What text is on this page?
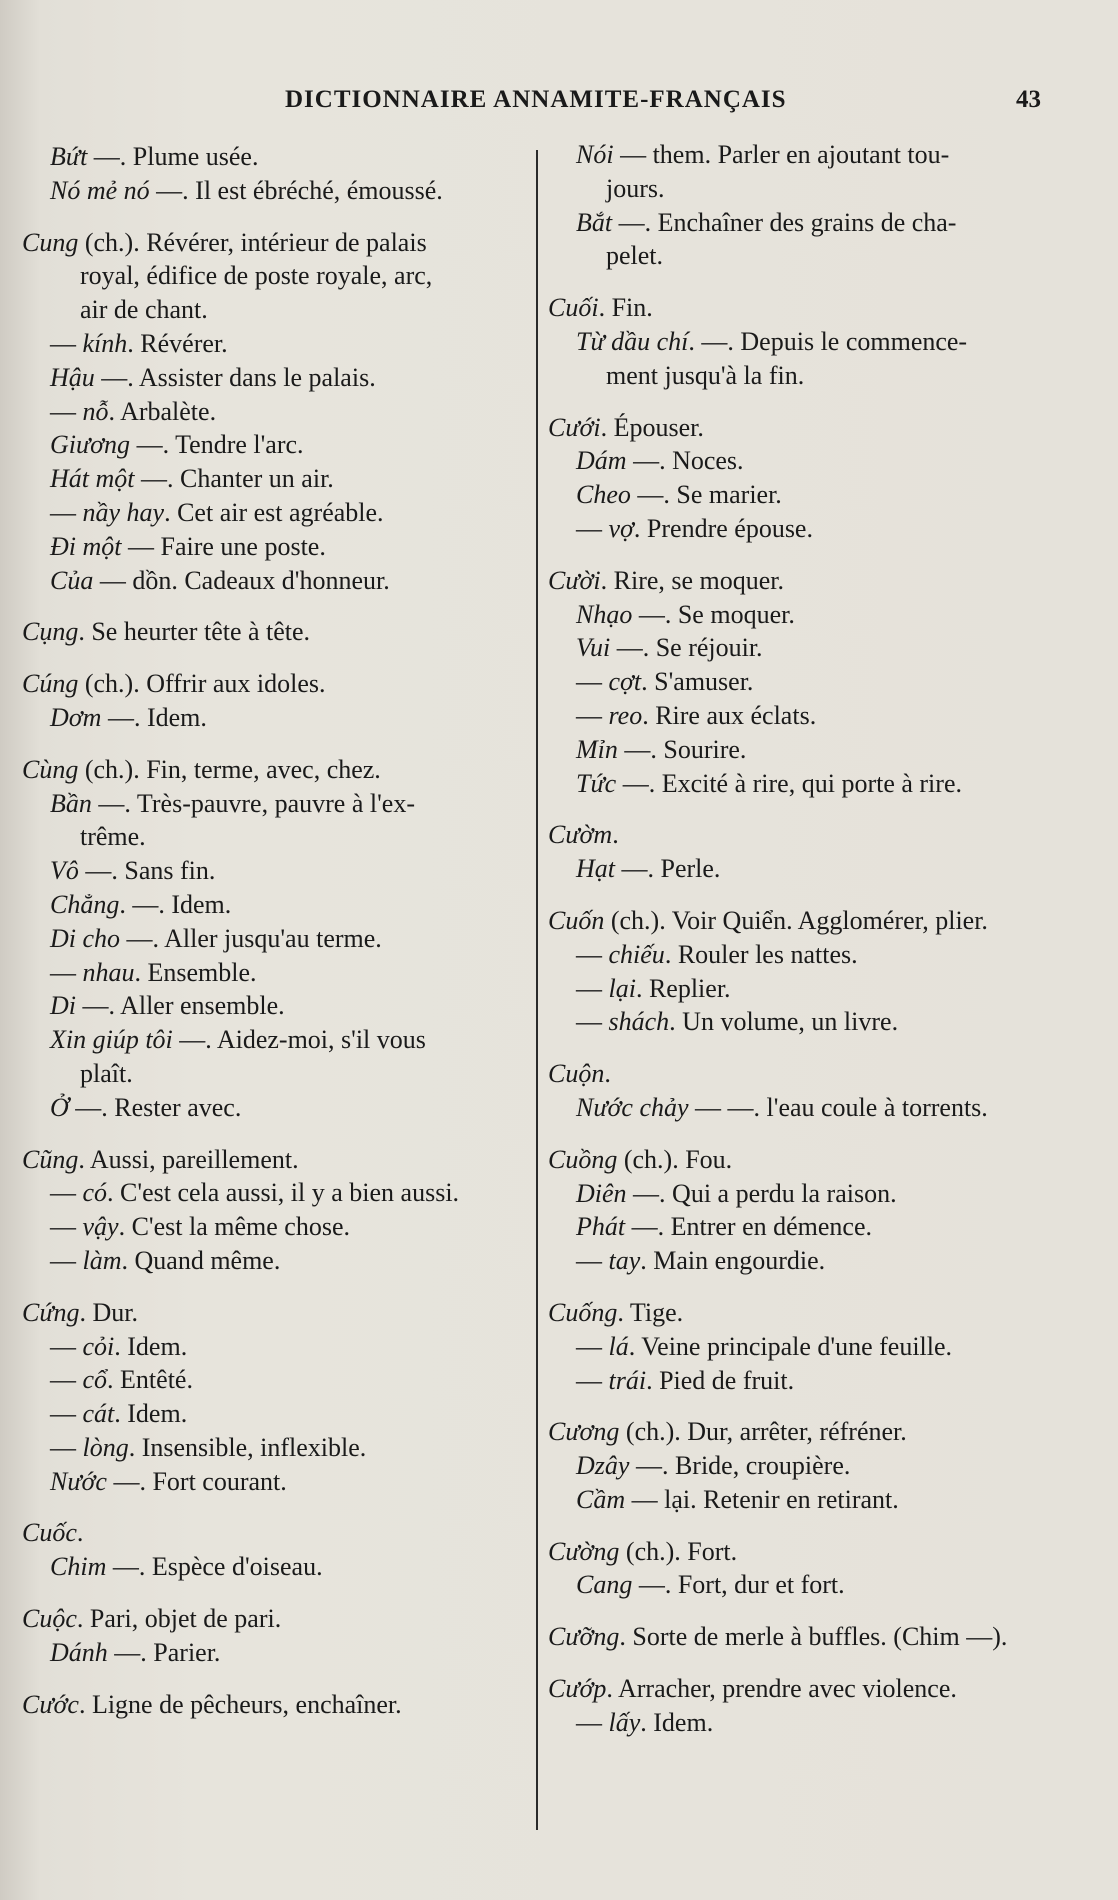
DICTIONNAIRE ANNAMITE-FRANÇAIS	43
Bứt —. Plume usée.
Nó mẻ nó —. Il est ébréché, émoussé.
Cung (ch.). Révérer, intérieur de palais
royal, édifice de poste royale, arc,
air de chant.
— kính. Révérer.
Hậu —. Assister dans le palais.
— nỗ. Arbalète.
Giương —. Tendre l'arc.
Hát một —. Chanter un air.
— nầy hay. Cet air est agréable.
Đi một — Faire une poste.
Của — dồn. Cadeaux d'honneur.
Cụng. Se heurter tête à tête.
Cúng (ch.). Offrir aux idoles.
Dơm —. Idem.
Cùng (ch.). Fin, terme, avec, chez.
Bần —. Très-pauvre, pauvre à l'ex-
trême.
Vô —. Sans fin.
Chẳng. —. Idem.
Di cho —. Aller jusqu'au terme.
— nhau. Ensemble.
Di —. Aller ensemble.
Xin giúp tôi —. Aidez-moi, s'il vous
plaît.
Ở —. Rester avec.
Cũng. Aussi, pareillement.
— có. C'est cela aussi, il y a bien aussi.
— vậy. C'est la même chose.
— làm. Quand même.
Cứng. Dur.
— cỏi. Idem.
— cổ. Entêté.
— cát. Idem.
— lòng. Insensible, inflexible.
Nước —. Fort courant.
Cuốc.
Chim —. Espèce d'oiseau.
Cuộc. Pari, objet de pari.
Dánh —. Parier.
Cước. Ligne de pêcheurs, enchaîner.
Nói — them. Parler en ajoutant tou-
jours.
Bắt —. Enchaîner des grains de cha-
pelet.
Cuối. Fin.
Từ dầu chí. —. Depuis le commence-
ment jusqu'à la fin.
Cưới. Épouser.
Dám —. Noces.
Cheo —. Se marier.
— vợ. Prendre épouse.
Cười. Rire, se moquer.
Nhạo —. Se moquer.
Vui —. Se réjouir.
— cợt. S'amuser.
— reo. Rire aux éclats.
Mỉn —. Sourire.
Tức —. Excité à rire, qui porte à rire.
Cườm.
Hạt —. Perle.
Cuốn (ch.). Voir Quiển. Agglomérer, plier.
— chiếu. Rouler les nattes.
— lại. Replier.
— shách. Un volume, un livre.
Cuộn.
Nước chảy — —. l'eau coule à torrents.
Cuồng (ch.). Fou.
Diên —. Qui a perdu la raison.
Phát —. Entrer en démence.
— tay. Main engourdie.
Cuống. Tige.
— lá. Veine principale d'une feuille.
— trái. Pied de fruit.
Cương (ch.). Dur, arrêter, réfréner.
Dzây —. Bride, croupière.
Cầm — lại. Retenir en retirant.
Cường (ch.). Fort.
Cang —. Fort, dur et fort.
Cưỡng. Sorte de merle à buffles. (Chim —).
Cướp. Arracher, prendre avec violence.
— lấy. Idem.
